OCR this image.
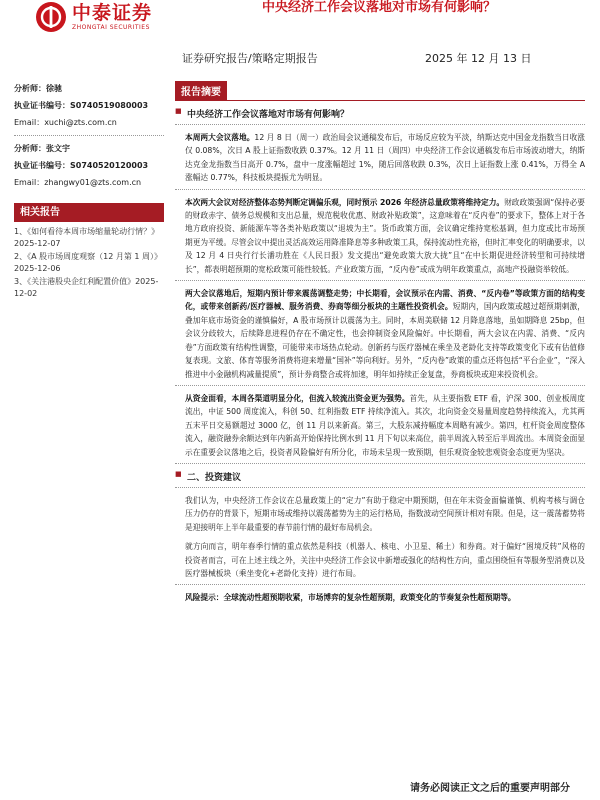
中泰证券
ZHONGTAI SECURITIES
中央经济工作会议落地对市场有何影响？
证券研究报告/策略定期报告	2025 年 12 月 13 日
分析师：徐驰
执业证书编号：S0740519080003
Email：xuchi@zts.com.cn
分析师：张文宇
执业证书编号：S0740520120003
Email：zhangwy01@zts.com.cn
相关报告
1、《如何看待本周市场缩量轮动行情？》2025-12-07
2、《A 股市场周度观察（12 月第 1 周）》2025-12-06
3、《关注港股央企红利配置价值》2025-12-02
报告摘要
■ 中央经济工作会议落地对市场有何影响？
本周两大会议落地。12 月 8 日（周一）政治局会议通稿发布后，市场反应较为平淡，纳斯达克中国金龙指数当日收涨仅 0.08%，次日 A 股上证指数收跌 0.37%。12 月 11 日（周四）中央经济工作会议通稿发布后市场波动增大，纳斯达克金龙指数当日高开 0.7%，盘中一度涨幅超过 1%，随后回落收跌 0.3%，次日上证指数上涨 0.41%，万得全 A 涨幅达 0.77%，科技板块提振尤为明显。
本次两大会议对经济整体态势判断定调偏乐观，同时预示 2026 年经济总量政策将维持定力。财政政策强调“保持必要的财政赤字、债务总规模和支出总量，规范税收优惠、财政补贴政策”，这意味着在“反内卷”的要求下，整体上对于各地方政府投资、新能源车等各类补贴政策以“退坡为主”。货币政策方面，会议确定维持宽松基调，但力度或比市场预期更为平缓。尽管会议中提出灵活高效运用降准降息等多种政策工具，保持流动性充裕，但时汇率变化的明确要求，以及 12 月 4 日央行行长潘功胜在《人民日报》发文提出“避免政策大放大拢”且“在中长期促进经济转型和可持续增长”，都表明超预期的宽松政策可能性较低。产业政策方面，“反内卷”或成为明年政策重点，高地产投融资举较低。
两大会议落地后，短期内预计带来震荡调整走势；中长期看，会议预示在内需、消费、“反内卷”等政策方面的结构变化，或带来创新药/医疗器械、服务消费、券商等细分板块的主题性投资机会。短期内，国内政策或越过超预期刺激，叠加年底市场资金的谨慎偏好，A 股市场预计以震荡为主。同时，本周美联储 12 月降息落地，虽如期降息 25bp，但会议分歧较大，后续降息进程仍存在不确定性，也会抑制资金风险偏好。中长期看，两大会议在内需、消费、“反内卷”方面政策有结构性调整，可能带来市场热点轮动。创新药与医疗器械在乘坐及老龄化支持等政策变化下或有估值修复表现。文旅、体育等服务消费将迎来增量“国补”等向利好。另外，“反内卷”政策的重点还将包括“平台企业”，“深入推进中小金融机构减量提质”，预计券商整合或将加速，明年如持续正金复盘，券商板块或迎来投资机会。
从资金面看，本周各渠道明显分化，但流入较流出资金更为强势。首先，从主要指数 ETF 看，沪深 300、创业板周度流出，中证 500 周度流入，科创 50、红利指数 ETF 持续净流入。其次，北向资金交易量周度趋势持续流入，尤其两五末平日交易额超过 3000 亿，创 11 月以来新高。第三，大股东减持幅度本周略有减少。第四，杠杆资金周度整体流入，融资融券余额达到年内新高开始保持比例水到 11 月下旬以来高位，前半周流入转至后半周流出。本周资金面显示在重要会议落地之后，投资者风险偏好有所分化，市场未呈现一致预期，但乐观资金较悲观资金态度更为坚决。
■ 二、投资建议
我们认为，中央经济工作会议在总量政策上的“定力”有助于稳定中期预期，但在年末资金面偏谨慎、机构考核与调仓压力仍存的背景下，短期市场或维持以震荡蓄势为主的运行格局，指数波动空间预计相对有限。但是，这一震荡蓄势将是迎接明年上半年最重要的春节前行情的最好布局机会。
就方向而言，明年春季行情的重点依然是科技（机器人、核电、小卫星、稀土）和券商。对于偏好“困境反转”风格的投资者而言，可在上述主线之外，关注中央经济工作会议中新增或强化的结构性方向，重点围绕恒有等服务型消费以及医疗器械板块（乘坐变化+老龄化支持）进行布局。
风险提示：全球流动性超预期收紧，市场博弈的复杂性超预期，政策变化的节奏复杂性超预期等。
请务必阅读正文之后的重要声明部分
